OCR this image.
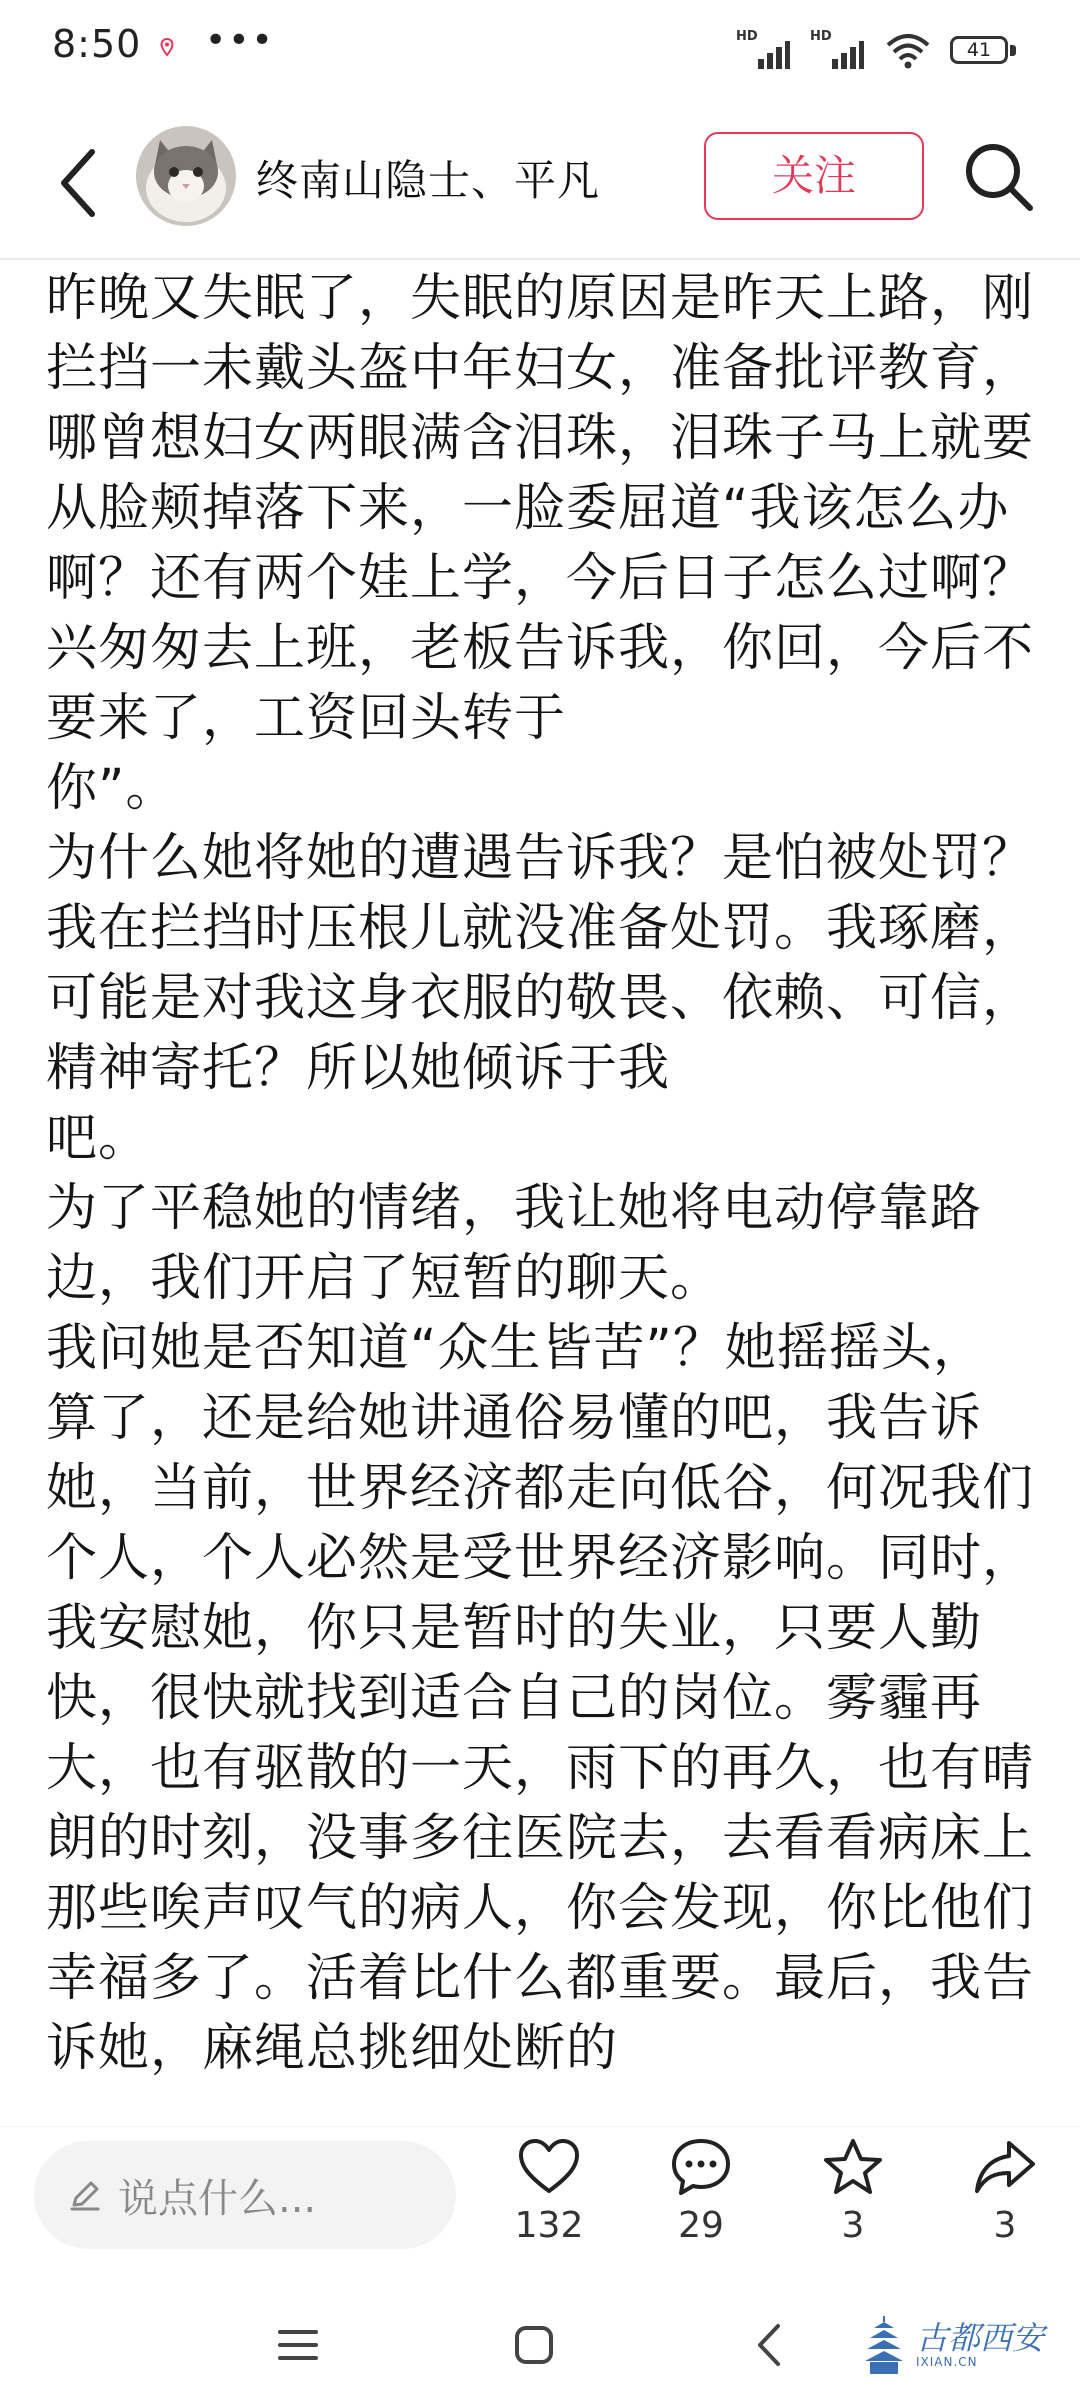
8:50 •••	HD	HD
41
终南山隐士、平凡	关注

昨晚又失眠了，失眠的原因是昨天上路，刚拦挡一未戴头盔中年妇女，准备批评教育，哪曾想妇女两眼满含泪珠，泪珠子马上就要从脸颊掉落下来，一脸委屈道“我该怎么办啊？还有两个娃上学，今后日子怎么过啊？兴匆匆去上班，老板告诉我，你回，今后不要来了，工资回头转于
你”。

为什么她将她的遭遇告诉我？是怕被处罚？我在拦挡时压根儿就没准备处罚。我琢磨，可能是对我这身衣服的敬畏、依赖、可信，精神寄托？所以她倾诉于我
吧。

为了平稳她的情绪，我让她将电动停靠路边，我们开启了短暂的聊天。

我问她是否知道“众生皆苦”？她摇摇头，算了，还是给她讲通俗易懂的吧，我告诉她，当前，世界经济都走向低谷，何况我们个人，个人必然是受世界经济影响。同时，我安慰她，你只是暂时的失业，只要人勤快，很快就找到适合自己的岗位。雾霾再大，也有驱散的一天，雨下的再久，也有晴朗的时刻，没事多往医院去，去看看病床上那些唉声叹气的病人，你会发现，你比他们幸福多了。活着比什么都重要。最后，我告诉她，麻绳总挑细处断的

说点什么...
132	29	3	3
古都西安
IXIAN.CN
